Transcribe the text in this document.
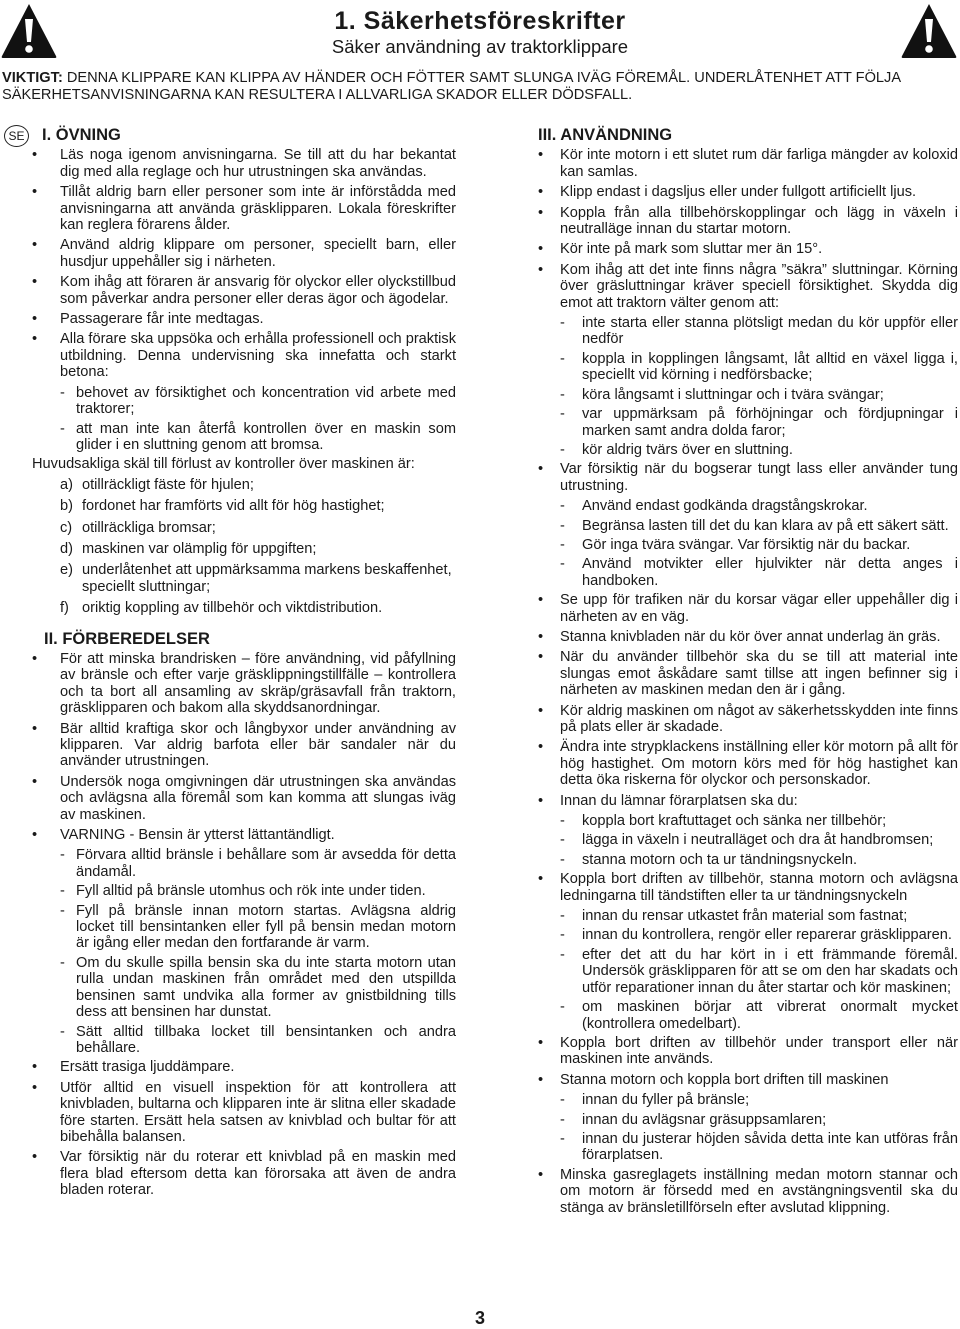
1. Säkerhetsföreskrifter
Säker användning av traktorklippare
VIKTIGT: DENNA KLIPPARE KAN KLIPPA AV HÄNDER OCH FÖTTER SAMT SLUNGA IVÄG FÖREMÅL. UNDERLÅTENHET ATT FÖLJA SÄKERHETSANVISNINGARNA KAN RESULTERA I ALLVARLIGA SKADOR ELLER DÖDSFALL.
SE I. ÖVNING
• Läs noga igenom anvisningarna. Se till att du har bekantat dig med alla reglage och hur utrustningen ska användas.
• Tillåt aldrig barn eller personer som inte är införstådda med anvisningarna att använda gräsklipparen. Lokala föreskrifter kan reglera förarens ålder.
• Använd aldrig klippare om personer, speciellt barn, eller husdjur uppehåller sig i närheten.
• Kom ihåg att föraren är ansvarig för olyckor eller olyckstillbud som påverkar andra personer eller deras ägor och ägodelar.
• Passagerare får inte medtagas.
• Alla förare ska uppsöka och erhålla professionell och praktisk utbildning. Denna undervisning ska innefatta och starkt betona:
- behovet av försiktighet och koncentration vid arbete med traktorer;
- att man inte kan återfå kontrollen över en maskin som glider i en sluttning genom att bromsa.
Huvudsakliga skäl till förlust av kontroller över maskinen är:
a) otillräckligt fäste för hjulen;
b) fordonet har framförts vid allt för hög hastighet;
c) otillräckliga bromsar;
d) maskinen var olämplig för uppgiften;
e) underlåtenhet att uppmärksamma markens beskaffenhet, speciellt sluttningar;
f) oriktig koppling av tillbehör och viktdistribution.
II. FÖRBEREDELSER
• För att minska brandrisken – före användning, vid påfyllning av bränsle och efter varje gräsklippningstillfälle – kontrollera och ta bort all ansamling av skräp/gräsavfall från traktorn, gräsklipparen och bakom alla skyddsanordningar.
• Bär alltid kraftiga skor och långbyxor under användning av klipparen. Var aldrig barfota eller bär sandaler när du använder utrustningen.
• Undersök noga omgivningen där utrustningen ska användas och avlägsna alla föremål som kan komma att slungas iväg av maskinen.
• VARNING - Bensin är ytterst lättantändligt.
- Förvara alltid bränsle i behållare som är avsedda för detta ändamål.
- Fyll alltid på bränsle utomhus och rök inte under tiden.
- Fyll på bränsle innan motorn startas. Avlägsna aldrig locket till bensintanken eller fyll på bensin medan motorn är igång eller medan den fortfarande är varm.
- Om du skulle spilla bensin ska du inte starta motorn utan rulla undan maskinen från området med den utspillda bensinen samt undvika alla former av gnistbildning tills dess att bensinen har dunstat.
- Sätt alltid tillbaka locket till bensintanken och andra behållare.
• Ersätt trasiga ljuddämpare.
• Utför alltid en visuell inspektion för att kontrollera att knivbladen, bultarna och klipparen inte är slitna eller skadade före starten. Ersätt hela satsen av knivblad och bultar för att bibehålla balansen.
• Var försiktig när du roterar ett knivblad på en maskin med flera blad eftersom detta kan förorsaka att även de andra bladen roterar.
III. ANVÄNDNING
• Kör inte motorn i ett slutet rum där farliga mängder av koloxid kan samlas.
• Klipp endast i dagsljus eller under fullgott artificiellt ljus.
• Koppla från alla tillbehörskopplingar och lägg in växeln i neutralläge innan du startar motorn.
• Kör inte på mark som sluttar mer än 15°.
• Kom ihåg att det inte finns några ”säkra” sluttningar. Körning över gräsluttningar kräver speciell försiktighet. Skydda dig emot att traktorn välter genom att:
- inte starta eller stanna plötsligt medan du kör uppför eller nedför
- koppla in kopplingen långsamt, låt alltid en växel ligga i, speciellt vid körning i nedförsbacke;
- köra långsamt i sluttningar och i tvära svängar;
- var uppmärksam på förhöjningar och fördjupningar i marken samt andra dolda faror;
- kör aldrig tvärs över en sluttning.
• Var försiktig när du bogserar tungt lass eller använder tung utrustning.
- Använd endast godkända dragstångskrokar.
- Begränsa lasten till det du kan klara av på ett säkert sätt.
- Gör inga tvära svängar. Var försiktig när du backar.
- Använd motvikter eller hjulvikter när detta anges i handboken.
• Se upp för trafiken när du korsar vägar eller uppehåller dig i närheten av en väg.
• Stanna knivbladen när du kör över annat underlag än gräs.
• När du använder tillbehör ska du se till att material inte slungas emot åskådare samt tillse att ingen befinner sig i närheten av maskinen medan den är i gång.
• Kör aldrig maskinen om något av säkerhetsskydden inte finns på plats eller är skadade.
• Ändra inte strypklackens inställning eller kör motorn på allt för hög hastighet. Om motorn körs med för hög hastighet kan detta öka riskerna för olyckor och personskador.
• Innan du lämnar förarplatsen ska du:
- koppla bort kraftuttaget och sänka ner tillbehör;
- lägga in växeln i neutralläget och dra åt handbromsen;
- stanna motorn och ta ur tändningsnyckeln.
• Koppla bort driften av tillbehör, stanna motorn och avlägsna ledningarna till tändstiften eller ta ur tändningsnyckeln
- innan du rensar utkastet från material som fastnat;
- innan du kontrollera, rengör eller reparerar gräsklipparen.
- efter det att du har kört in i ett främmande föremål. Undersök gräsklipparen för att se om den har skadats och utför reparationer innan du åter startar och kör maskinen;
- om maskinen börjar att vibrerat onormalt mycket (kontrollera omedelbart).
• Koppla bort driften av tillbehör under transport eller när maskinen inte används.
• Stanna motorn och koppla bort driften till maskinen
- innan du fyller på bränsle;
- innan du avlägsnar gräsuppsamlaren;
- innan du justerar höjden såvida detta inte kan utföras från förarplatsen.
• Minska gasreglagets inställning medan motorn stannar och om motorn är försedd med en avstängningsventil ska du stänga av bränsletillförseln efter avslutad klippning.
3
